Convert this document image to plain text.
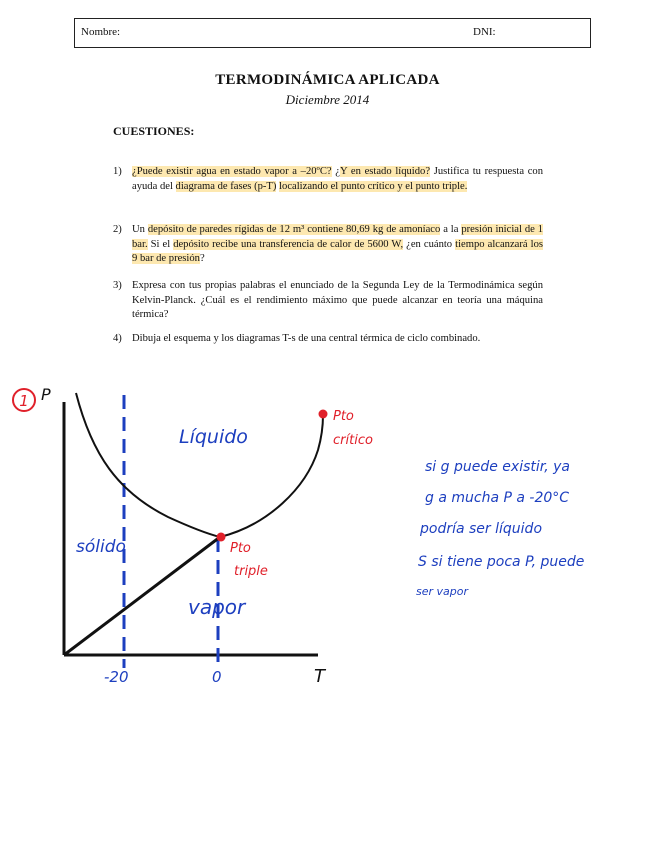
Nombre:	DNI:
TERMODINÁMICA APLICADA
Diciembre 2014
CUESTIONES:
1) ¿Puede existir agua en estado vapor a –20ºC? ¿Y en estado líquido? Justifica tu respuesta con ayuda del diagrama de fases (p-T) localizando el punto crítico y el punto triple.
2) Un depósito de paredes rígidas de 12 m³ contiene 80,69 kg de amoníaco a la presión inicial de 1 bar. Si el depósito recibe una transferencia de calor de 5600 W, ¿en cuánto tiempo alcanzará los 9 bar de presión?
3) Expresa con tus propias palabras el enunciado de la Segunda Ley de la Termodinámica según Kelvin-Planck. ¿Cuál es el rendimiento máximo que puede alcanzar en teoría una máquina térmica?
4) Dibuja el esquema y los diagramas T-s de una central térmica de ciclo combinado.
1 P
T
-20	0
Líquido
sólido
vapor
Pto
crítico
Pto
triple
si g puede existir, ya
g a mucha P a -20°C
podría ser líquido
S si tiene poca P, puede
ser vapor
